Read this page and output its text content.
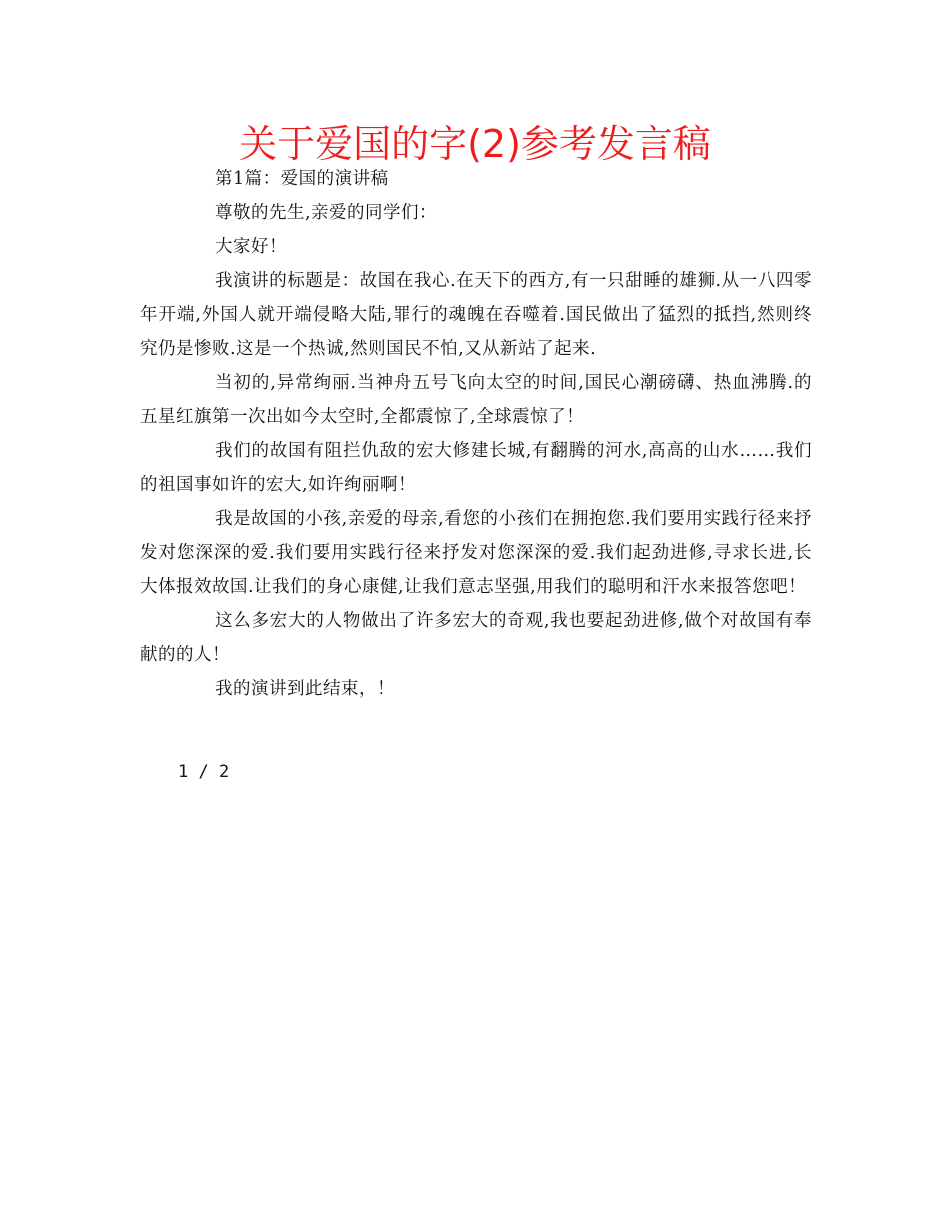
关于爱国的字(2)参考发言稿

第1篇：爱国的演讲稿

尊敬的先生,亲爱的同学们：

大家好！

我演讲的标题是：故国在我心.在天下的西方,有一只甜睡的雄狮.从一八四零年开端,外国人就开端侵略大陆,罪行的魂魄在吞噬着.国民做出了猛烈的抵挡,然则终究仍是惨败.这是一个热诚,然则国民不怕,又从新站了起来.

当初的,异常绚丽.当神舟五号飞向太空的时间,国民心潮磅礴、热血沸腾.的五星红旗第一次出如今太空时,全都震惊了,全球震惊了！

我们的故国有阻拦仇敌的宏大修建长城,有翻腾的河水,高高的山水……我们的祖国事如许的宏大,如许绚丽啊！

我是故国的小孩,亲爱的母亲,看您的小孩们在拥抱您.我们要用实践行径来抒发对您深深的爱.我们要用实践行径来抒发对您深深的爱.我们起劲进修,寻求长进,长大体报效故国.让我们的身心康健,让我们意志坚强,用我们的聪明和汗水来报答您吧！

这么多宏大的人物做出了许多宏大的奇观,我也要起劲进修,做个对故国有奉献的的人！

我的演讲到此结束，！

1 / 2
